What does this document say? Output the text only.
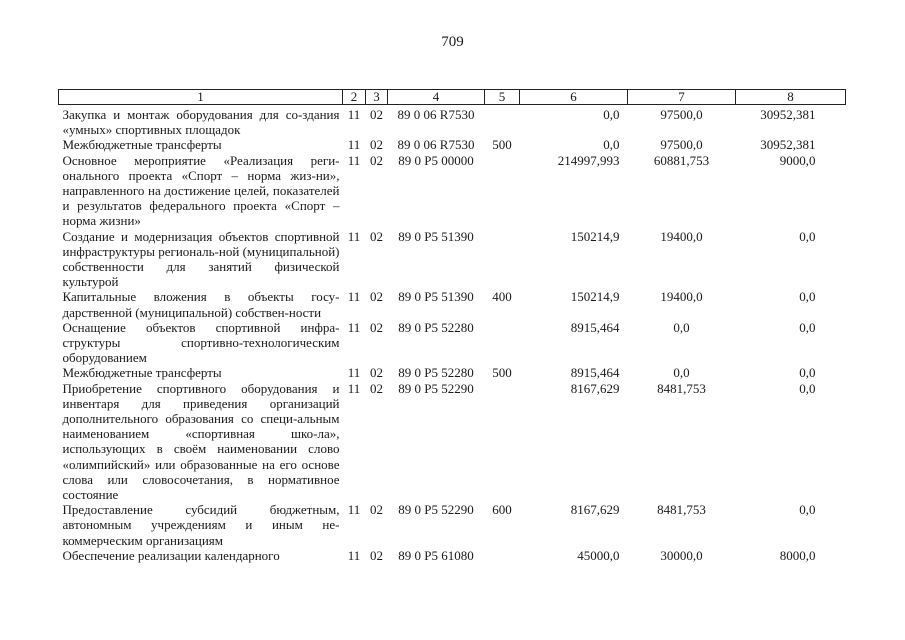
709
1	2	3	4	5	6	7	8

Закупка и монтаж оборудования для со-здания «умных» спортивных площадок	11	02	89 0 06 R7530		0,0	97500,0	30952,381
Межбюджетные трансферты	11	02	89 0 06 R7530	500	0,0	97500,0	30952,381
Основное мероприятие «Реализация реги-онального проекта «Спорт – норма жиз-ни», направленного на достижение целей, показателей и результатов федерального проекта «Спорт – норма жизни»	11	02	89 0 P5 00000		214997,993	60881,753	9000,0
Создание и модернизация объектов спортивной инфраструктуры региональ-ной (муниципальной) собственности для занятий физической культурой	11	02	89 0 P5 51390		150214,9	19400,0	0,0
Капитальные вложения в объекты госу-дарственной (муниципальной) собствен-ности	11	02	89 0 P5 51390	400	150214,9	19400,0	0,0
Оснащение объектов спортивной инфра-структуры спортивно-технологическим оборудованием	11	02	89 0 P5 52280		8915,464	0,0	0,0
Межбюджетные трансферты	11	02	89 0 P5 52280	500	8915,464	0,0	0,0
Приобретение спортивного оборудования и инвентаря для приведения организаций дополнительного образования со специ-альным наименованием «спортивная шко-ла», использующих в своём наименовании слово «олимпийский» или образованные на его основе слова или словосочетания, в нормативное состояние	11	02	89 0 P5 52290		8167,629	8481,753	0,0
Предоставление субсидий бюджетным, автономным учреждениям и иным не-коммерческим организациям	11	02	89 0 P5 52290	600	8167,629	8481,753	0,0
Обеспечение реализации календарного	11	02	89 0 P5 61080		45000,0	30000,0	8000,0
